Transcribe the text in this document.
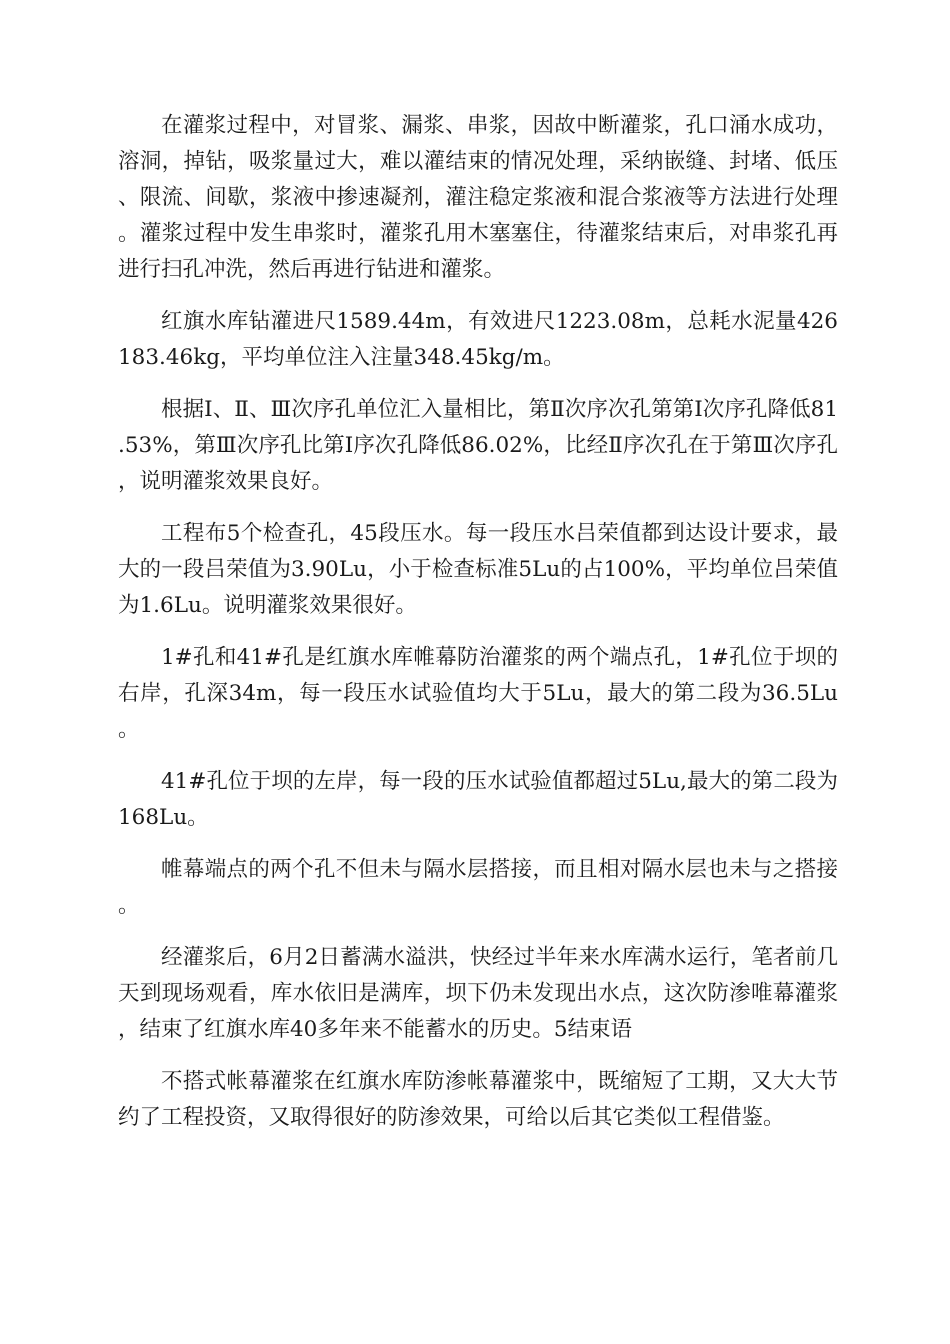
在灌浆过程中，对冒浆、漏浆、串浆，因故中断灌浆，孔口涌水成功，溶洞，掉钻，吸浆量过大，难以灌结束的情况处理，采纳嵌缝、封堵、低压、限流、间歇，浆液中掺速凝剂，灌注稳定浆液和混合浆液等方法进行处理。灌浆过程中发生串浆时，灌浆孔用木塞塞住，待灌浆结束后，对串浆孔再进行扫孔冲洗，然后再进行钻进和灌浆。

红旗水库钻灌进尺1589.44m，有效进尺1223.08m，总耗水泥量426183.46kg，平均单位注入注量348.45kg/m。

根据Ⅰ、Ⅱ、Ⅲ次序孔单位汇入量相比，第Ⅱ次序次孔第第Ⅰ次序孔降低81.53%，第Ⅲ次序孔比第Ⅰ序次孔降低86.02%，比经Ⅱ序次孔在于第Ⅲ次序孔，说明灌浆效果良好。

工程布5个检查孔，45段压水。每一段压水吕荣值都到达设计要求，最大的一段吕荣值为3.90Lu，小于检查标准5Lu的占100%，平均单位吕荣值为1.6Lu。说明灌浆效果很好。

1#孔和41#孔是红旗水库帷幕防治灌浆的两个端点孔，1#孔位于坝的右岸，孔深34m，每一段压水试验值均大于5Lu，最大的第二段为36.5Lu。

41#孔位于坝的左岸，每一段的压水试验值都超过5Lu,最大的第二段为168Lu。

帷幕端点的两个孔不但未与隔水层搭接，而且相对隔水层也未与之搭接。

经灌浆后，6月2日蓄满水溢洪，快经过半年来水库满水运行，笔者前几天到现场观看，库水依旧是满库，坝下仍未发现出水点，这次防渗唯幕灌浆，结束了红旗水库40多年来不能蓄水的历史。5结束语

不搭式帐幕灌浆在红旗水库防渗帐幕灌浆中，既缩短了工期，又大大节约了工程投资，又取得很好的防渗效果，可给以后其它类似工程借鉴。
